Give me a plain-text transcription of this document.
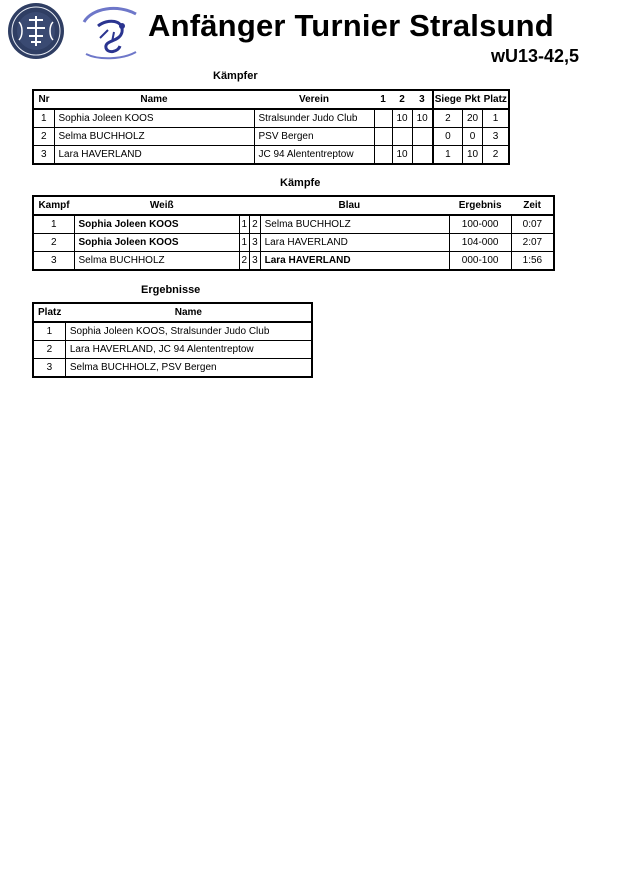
Anfänger Turnier Stralsund
wU13-42,5
Kämpfer
Nr	Name	Verein	1	2	3	Siege	Pkt	Platz
1	Sophia Joleen KOOS	Stralsunder Judo Club		10	10	2	20	1
2	Selma BUCHHOLZ	PSV Bergen				0	0	3
3	Lara HAVERLAND	JC 94 Alententreptow		10		1	10	2
Kämpfe
Kampf	Weiß		Blau		Ergebnis	Zeit
1	Sophia Joleen KOOS	1	2	Selma BUCHHOLZ	100-000	0:07
2	Sophia Joleen KOOS	1	3	Lara HAVERLAND	104-000	2:07
3	Selma BUCHHOLZ	2	3	Lara HAVERLAND	000-100	1:56
Ergebnisse
Platz	Name
1	Sophia Joleen KOOS, Stralsunder Judo Club
2	Lara HAVERLAND, JC 94 Alententreptow
3	Selma BUCHHOLZ, PSV Bergen
